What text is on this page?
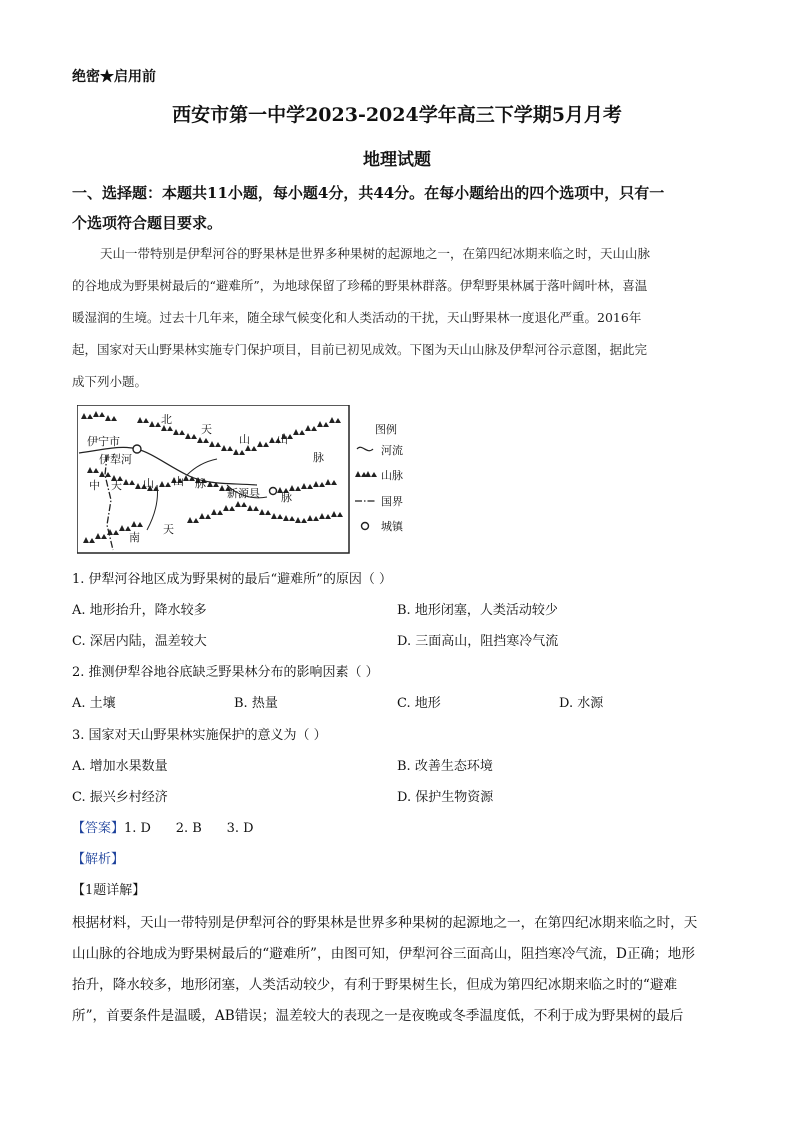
绝密★启用前
西安市第一中学2023-2024学年高三下学期5月月考
地理试题
一、选择题：本题共11小题，每小题4分，共44分。在每小题给出的四个选项中，只有一
个选项符合题目要求。
天山一带特别是伊犁河谷的野果林是世界多种果树的起源地之一，在第四纪冰期来临之时，天山山脉
的谷地成为野果树最后的“避难所”，为地球保留了珍稀的野果林群落。伊犁野果林属于落叶阔叶林，喜温
暖湿润的生境。过去十几年来，随全球气候变化和人类活动的干扰，天山野果林一度退化严重。2016年
起，国家对天山野果林实施专门保护项目，目前已初见成效。下图为天山山脉及伊犁河谷示意图，据此完
成下列小题。
伊宁市
伊犁河
新源县
北
天
山 山
脉
中 天 山 山 脉
脉
天
南
图例
河流
山脉
国界
城镇
1. 伊犁河谷地区成为野果树的最后“避难所”的原因（ ）
A. 地形抬升，降水较多	B. 地形闭塞，人类活动较少
C. 深居内陆，温差较大	D. 三面高山，阻挡寒冷气流
2. 推测伊犁谷地谷底缺乏野果林分布的影响因素（ ）
A. 土壤	B. 热量	C. 地形	D. 水源
3. 国家对天山野果林实施保护的意义为（ ）
A. 增加水果数量	B. 改善生态环境
C. 振兴乡村经济	D. 保护生物资源
【答案】1. D      2. B      3. D
【解析】
【1题详解】
根据材料，天山一带特别是伊犁河谷的野果林是世界多种果树的起源地之一，在第四纪冰期来临之时，天
山山脉的谷地成为野果树最后的“避难所”，由图可知，伊犁河谷三面高山，阻挡寒冷气流，D正确；地形
抬升，降水较多，地形闭塞，人类活动较少，有利于野果树生长，但成为第四纪冰期来临之时的“避难
所”，首要条件是温暖，AB错误；温差较大的表现之一是夜晚或冬季温度低，不利于成为野果树的最后
